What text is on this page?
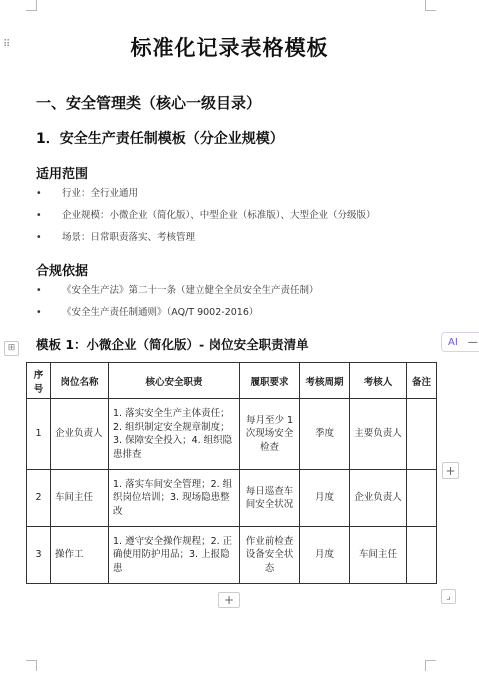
⠿	标准化记录表格模板
一、安全管理类（核心一级目录）
1．安全生产责任制模板（分企业规模）
适用范围
• 行业：全行业通用
• 企业规模：小微企业（简化版）、中型企业（标准版）、大型企业（分级版）
• 场景：日常职责落实、考核管理
合规依据
• 《安全生产法》第二十一条（建立健全全员安全生产责任制）
• 《安全生产责任制通则》（AQ/T 9002-2016）
⊞ 模板 1：小微企业（简化版）- 岗位安全职责清单	AI —
序号	岗位名称	核心安全职责	履职要求	考核周期	考核人	备注
1	企业负责人	1. 落实安全生产主体责任；2. 组织制定安全规章制度；3. 保障安全投入；4. 组织隐患排查	每月至少 1 次现场安全检查	季度	主要负责人	
2	车间主任	1. 落实车间安全管理；2. 组织岗位培训；3. 现场隐患整改	每日巡查车间安全状况	月度	企业负责人	
3	操作工	1. 遵守安全操作规程；2. 正确使用防护用品；3. 上报隐患	作业前检查设备安全状态	月度	车间主任	
+
+	⌟
